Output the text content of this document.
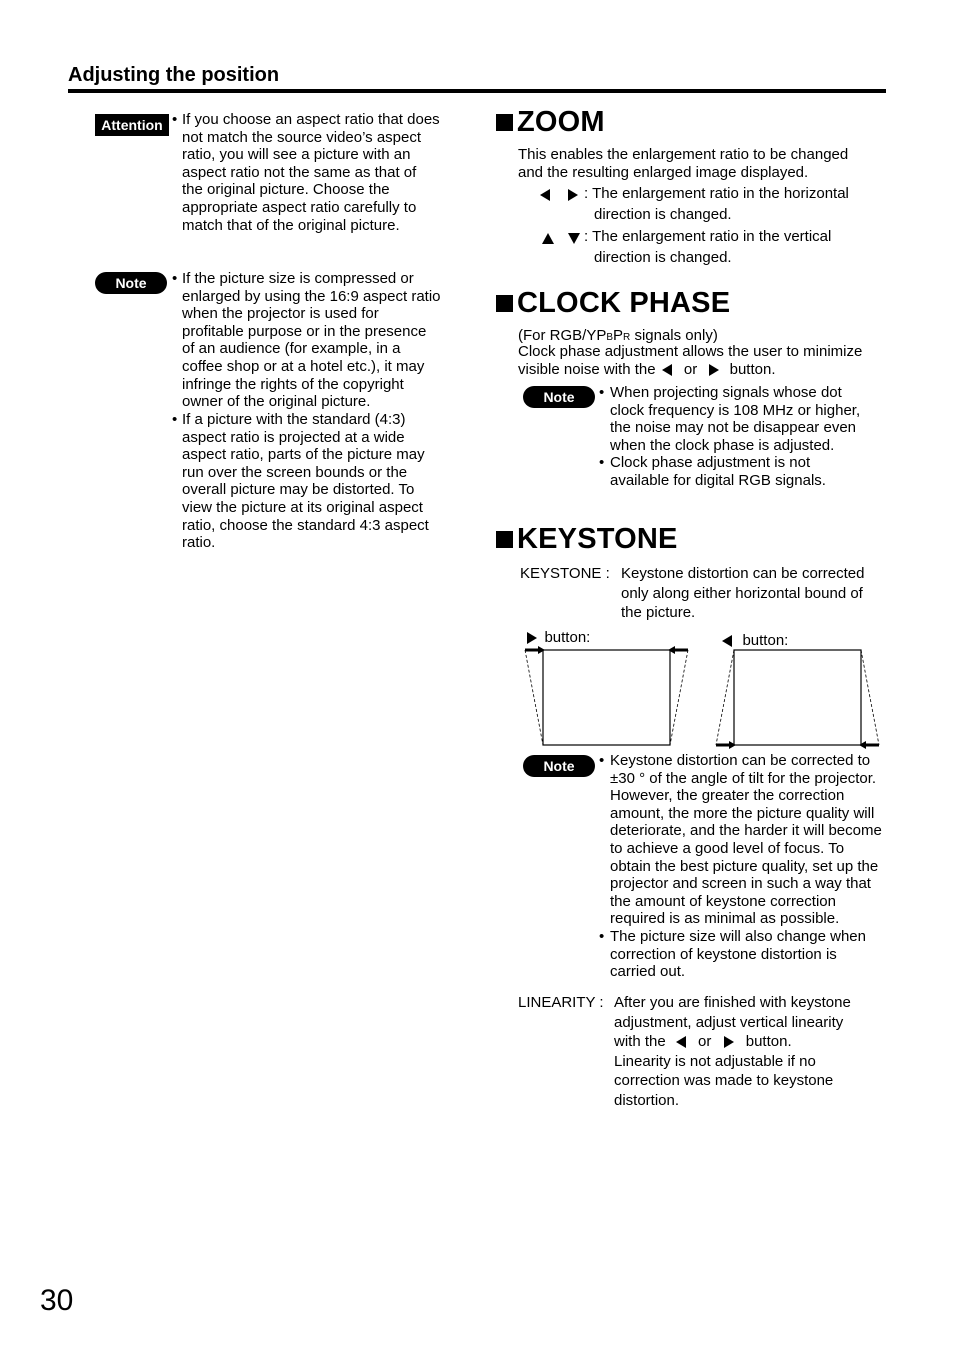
Adjusting the position
Attention • If you choose an aspect ratio that does
not match the source video’s aspect
ratio, you will see a picture with an
aspect ratio not the same as that of
the original picture. Choose the
appropriate aspect ratio carefully to
match that of the original picture.
Note	• If the picture size is compressed or
enlarged by using the 16:9 aspect ratio
when the projector is used for
profitable purpose or in the presence
of an audience (for example, in a
coffee shop or at a hotel etc.), it may
infringe the rights of the copyright
owner of the original picture.
• If a picture with the standard (4:3)
aspect ratio is projected at a wide
aspect ratio, parts of the picture may
run over the screen bounds or the
overall picture may be distorted. To
view the picture at its original aspect
ratio, choose the standard 4:3 aspect
ratio.
ZOOM
This enables the enlargement ratio to be changed
and the resulting enlarged image displayed.

: The enlargement ratio in the horizontal
direction is changed.

: The enlargement ratio in the vertical
direction is changed.
CLOCK PHASE
(For RGB/YPBPR signals only)
Clock phase adjustment allows the user to minimize
visible noise with the or button.
Note	• When projecting signals whose dot
clock frequency is 108 MHz or higher,
the noise may not be disappear even
when the clock phase is adjusted.
• Clock phase adjustment is not
available for digital RGB signals.
KEYSTONE
KEYSTONE : Keystone distortion can be corrected
only along either horizontal bound of
the picture.
button:	button:
Note	• Keystone distortion can be corrected to
±30 ° of the angle of tilt for the projector.
However, the greater the correction
amount, the more the picture quality will
deteriorate, and the harder it will become
to achieve a good level of focus. To
obtain the best picture quality, set up the
projector and screen in such a way that
the amount of keystone correction
required is as minimal as possible.
• The picture size will also change when
correction of keystone distortion is
carried out.
LINEARITY : After you are finished with keystone
adjustment, adjust vertical linearity
with the or button.
Linearity is not adjustable if no
correction was made to keystone
distortion.
30
